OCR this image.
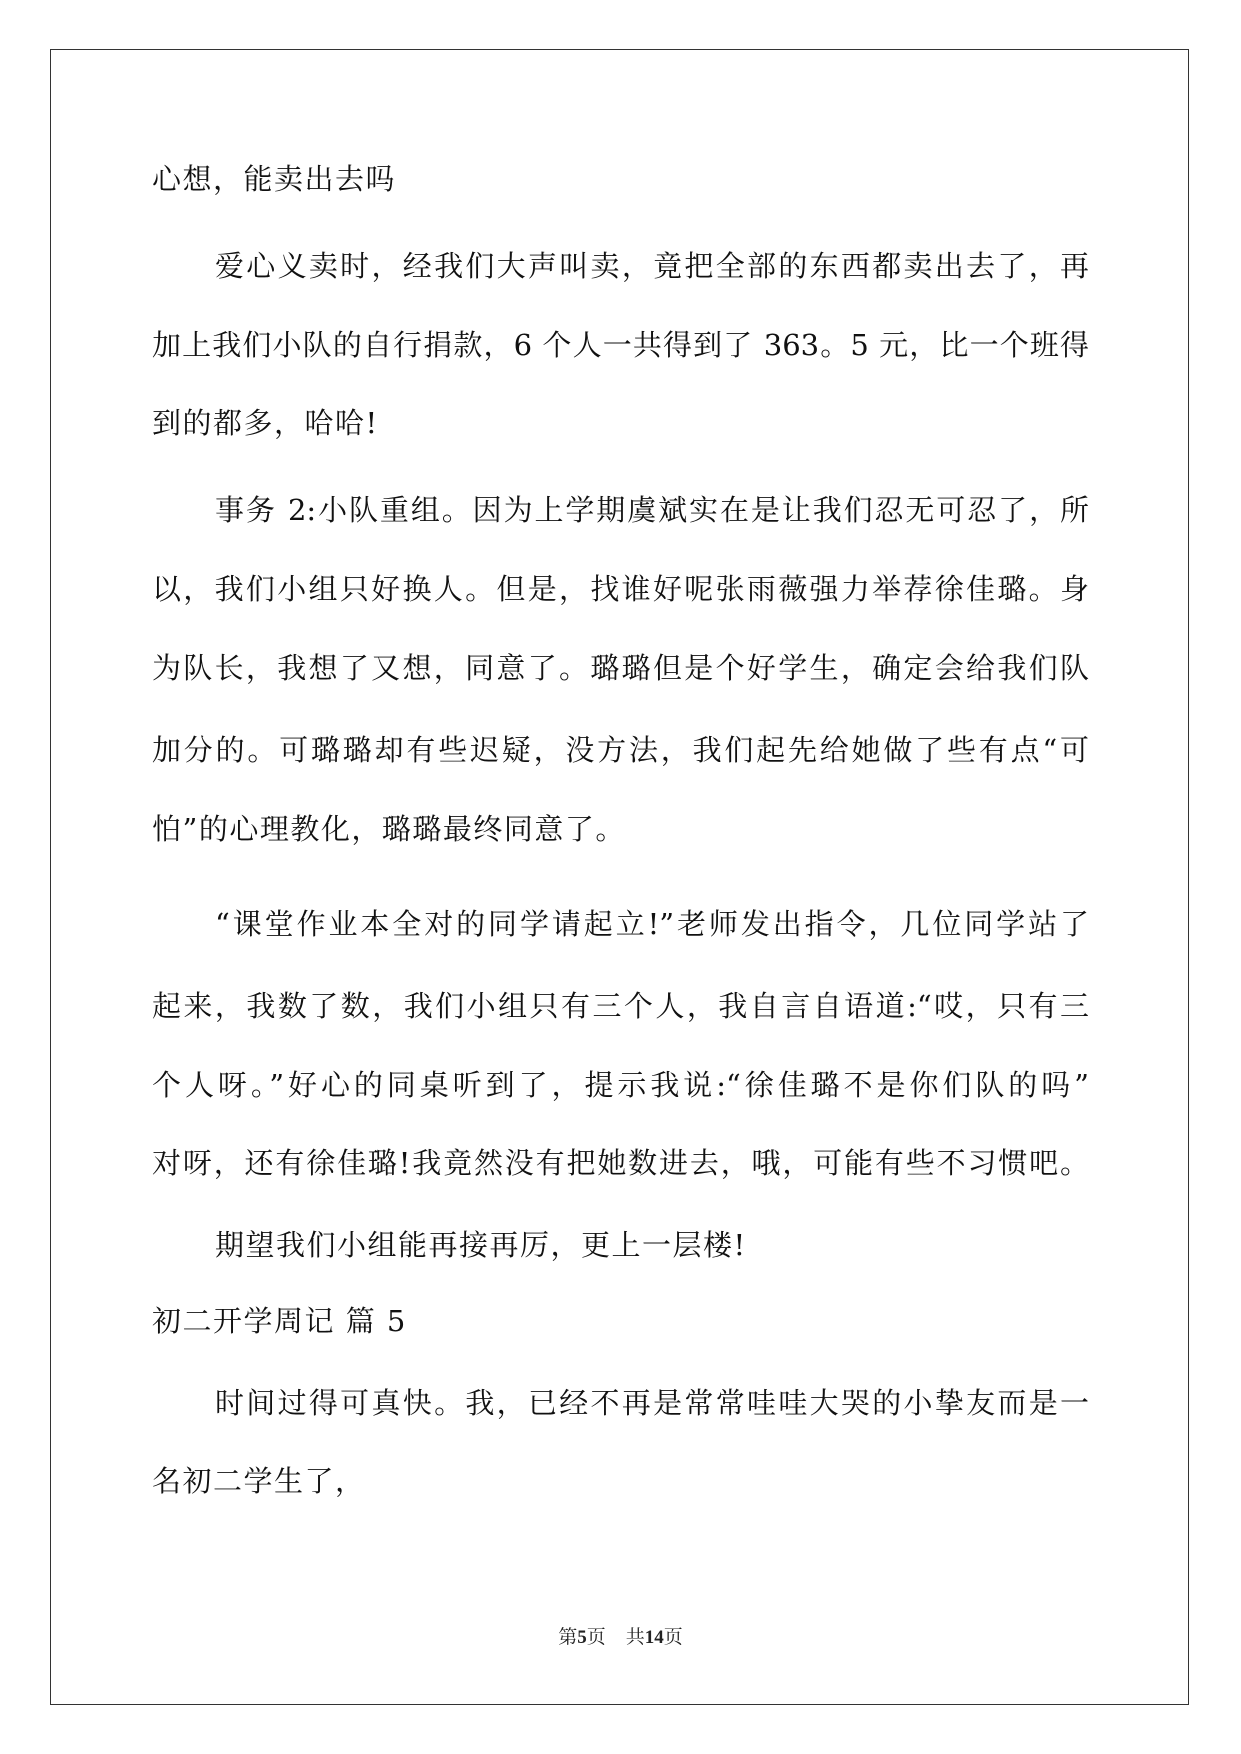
心想，能卖出去吗
爱心义卖时，经我们大声叫卖，竟把全部的东西都卖出去了，再
加上我们小队的自行捐款，6 个人一共得到了 363。5 元，比一个班得
到的都多，哈哈!
事务 2:小队重组。因为上学期虞斌实在是让我们忍无可忍了，所
以，我们小组只好换人。但是，找谁好呢张雨薇强力举荐徐佳璐。身
为队长，我想了又想，同意了。璐璐但是个好学生，确定会给我们队
加分的。可璐璐却有些迟疑，没方法，我们起先给她做了些有点“可
怕”的心理教化，璐璐最终同意了。
“课堂作业本全对的同学请起立!”老师发出指令，几位同学站了
起来，我数了数，我们小组只有三个人，我自言自语道:“哎，只有三
个人呀。”好心的同桌听到了，提示我说:“徐佳璐不是你们队的吗”
对呀，还有徐佳璐!我竟然没有把她数进去，哦，可能有些不习惯吧。
期望我们小组能再接再厉，更上一层楼!
初二开学周记 篇 5
时间过得可真快。我，已经不再是常常哇哇大哭的小挚友而是一
名初二学生了，
第5页 共14页
